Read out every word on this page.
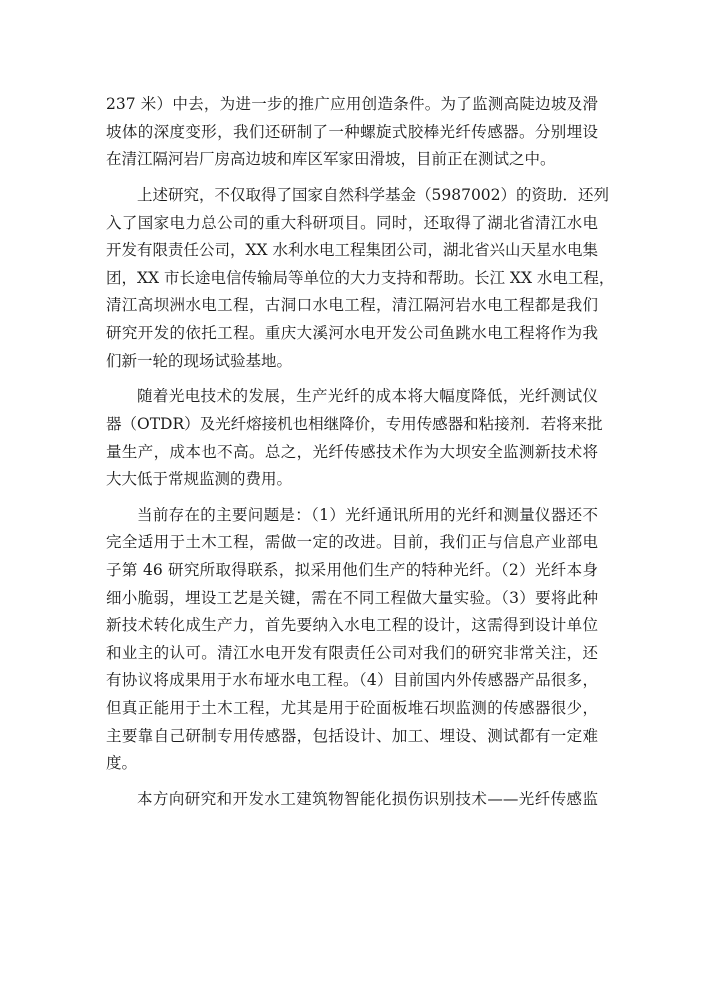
237 米）中去，为进一步的推广应用创造条件。为了监测高陡边坡及滑
坡体的深度变形，我们还研制了一种螺旋式胶棒光纤传感器。分别埋设
在清江隔河岩厂房高边坡和库区军家田滑坡，目前正在测试之中。
上述研究，不仅取得了国家自然科学基金（5987002）的资助．还列
入了国家电力总公司的重大科研项目。同时，还取得了湖北省清江水电
开发有限责任公司，XX 水利水电工程集团公司，湖北省兴山天星水电集
团，XX 市长途电信传输局等单位的大力支持和帮助。长江 XX 水电工程，
清江高坝洲水电工程，古洞口水电工程，清江隔河岩水电工程都是我们
研究开发的依托工程。重庆大溪河水电开发公司鱼跳水电工程将作为我
们新一轮的现场试验基地。
随着光电技术的发展，生产光纤的成本将大幅度降低，光纤测试仪
器（OTDR）及光纤熔接机也相继降价，专用传感器和粘接剂．若将来批
量生产，成本也不高。总之，光纤传感技术作为大坝安全监测新技术将
大大低于常规监测的费用。
当前存在的主要问题是：（1）光纤通讯所用的光纤和测量仪器还不
完全适用于土木工程，需做一定的改进。目前，我们正与信息产业部电
子第 46 研究所取得联系，拟采用他们生产的特种光纤。（2）光纤本身
细小脆弱，埋设工艺是关键，需在不同工程做大量实验。（3）要将此种
新技术转化成生产力，首先要纳入水电工程的设计，这需得到设计单位
和业主的认可。清江水电开发有限责任公司对我们的研究非常关注，还
有协议将成果用于水布垭水电工程。（4）目前国内外传感器产品很多，
但真正能用于土木工程，尤其是用于砼面板堆石坝监测的传感器很少，
主要靠自己研制专用传感器，包括设计、加工、埋设、测试都有一定难
度。
本方向研究和开发水工建筑物智能化损伤识别技术——光纤传感监
